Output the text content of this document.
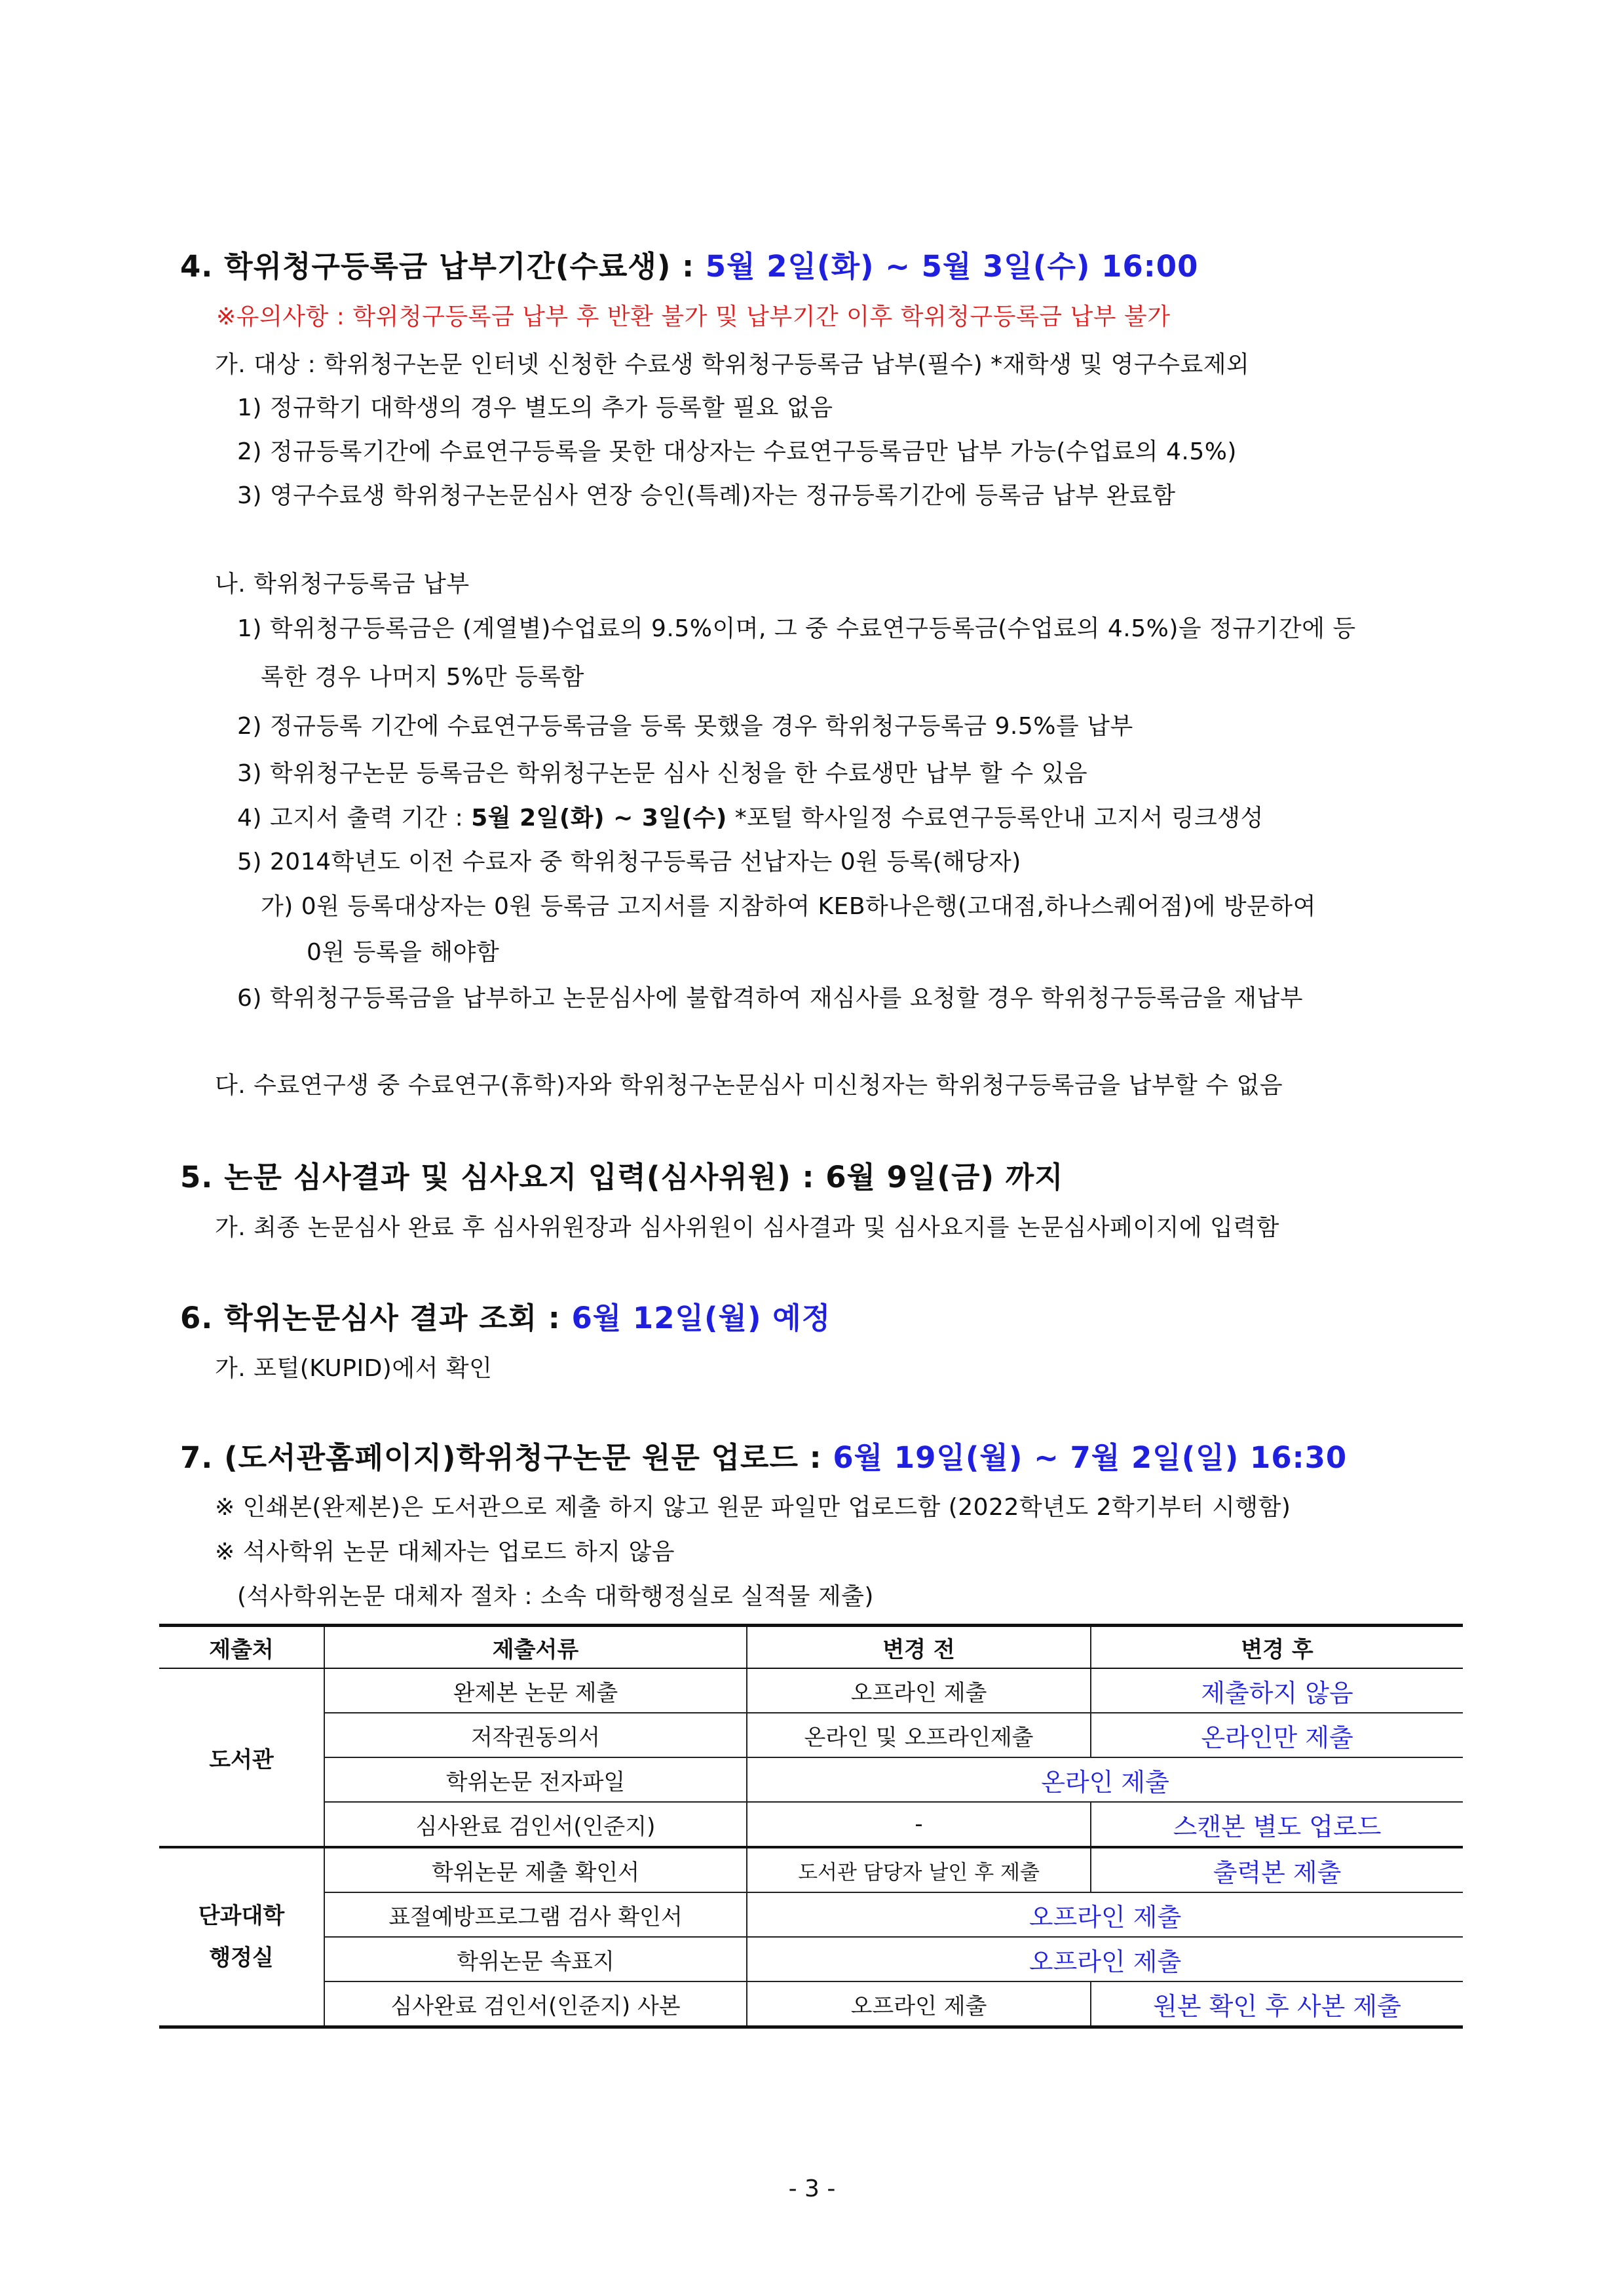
4. 학위청구등록금 납부기간(수료생) : 5월 2일(화) ~ 5월 3일(수) 16:00
※유의사항 : 학위청구등록금 납부 후 반환 불가 및 납부기간 이후 학위청구등록금 납부 불가
가. 대상 : 학위청구논문 인터넷 신청한 수료생 학위청구등록금 납부(필수) *재학생 및 영구수료제외
1) 정규학기 대학생의 경우 별도의 추가 등록할 필요 없음
2) 정규등록기간에 수료연구등록을 못한 대상자는 수료연구등록금만 납부 가능(수업료의 4.5%)
3) 영구수료생 학위청구논문심사 연장 승인(특례)자는 정규등록기간에 등록금 납부 완료함
나. 학위청구등록금 납부
1) 학위청구등록금은 (계열별)수업료의 9.5%이며, 그 중 수료연구등록금(수업료의 4.5%)을 정규기간에 등
록한 경우 나머지 5%만 등록함
2) 정규등록 기간에 수료연구등록금을 등록 못했을 경우 학위청구등록금 9.5%를 납부
3) 학위청구논문 등록금은 학위청구논문 심사 신청을 한 수료생만 납부 할 수 있음
4) 고지서 출력 기간 : 5월 2일(화) ~ 3일(수) *포털 학사일정 수료연구등록안내 고지서 링크생성
5) 2014학년도 이전 수료자 중 학위청구등록금 선납자는 0원 등록(해당자)
가) 0원 등록대상자는 0원 등록금 고지서를 지참하여 KEB하나은행(고대점,하나스퀘어점)에 방문하여
0원 등록을 해야함
6) 학위청구등록금을 납부하고 논문심사에 불합격하여 재심사를 요청할 경우 학위청구등록금을 재납부
다. 수료연구생 중 수료연구(휴학)자와 학위청구논문심사 미신청자는 학위청구등록금을 납부할 수 없음
5. 논문 심사결과 및 심사요지 입력(심사위원) : 6월 9일(금) 까지
가. 최종 논문심사 완료 후 심사위원장과 심사위원이 심사결과 및 심사요지를 논문심사페이지에 입력함
6. 학위논문심사 결과 조회 : 6월 12일(월) 예정
가. 포털(KUPID)에서 확인
7. (도서관홈페이지)학위청구논문 원문 업로드 : 6월 19일(월) ~ 7월 2일(일) 16:30
※ 인쇄본(완제본)은 도서관으로 제출 하지 않고 원문 파일만 업로드함 (2022학년도 2학기부터 시행함)
※ 석사학위 논문 대체자는 업로드 하지 않음
(석사학위논문 대체자 절차 : 소속 대학행정실로 실적물 제출)
제출처	제출서류	변경 전	변경 후
도서관	완제본 논문 제출	오프라인 제출	제출하지 않음
	저작권동의서	온라인 및 오프라인제출	온라인만 제출
	학위논문 전자파일	온라인 제출	
	심사완료 검인서(인준지)	-	스캔본 별도 업로드

단과대학
행정실	학위논문 제출 확인서	도서관 담당자 날인 후 제출	출력본 제출
	표절예방프로그램 검사 확인서	오프라인 제출	
	학위논문 속표지	오프라인 제출	
	심사완료 검인서(인준지) 사본	오프라인 제출	원본 확인 후 사본 제출
- 3 -
